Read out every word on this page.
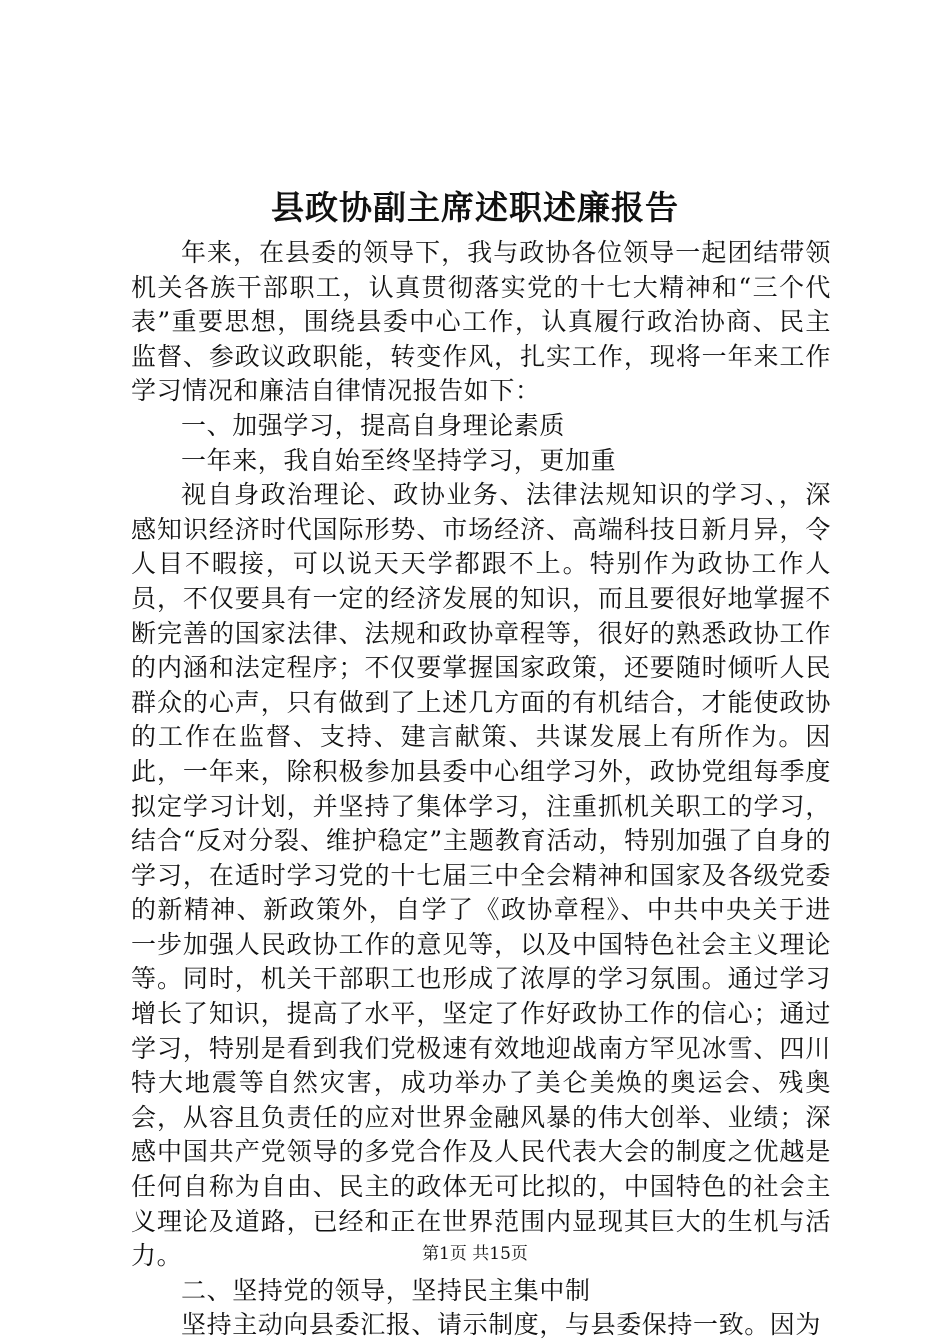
县政协副主席述职述廉报告

年来，在县委的领导下，我与政协各位领导一起团结带领机关各族干部职工，认真贯彻落实党的十七大精神和“三个代表”重要思想，围绕县委中心工作，认真履行政治协商、民主监督、参政议政职能，转变作风，扎实工作，现将一年来工作学习情况和廉洁自律情况报告如下：

一、加强学习，提高自身理论素质

一年来，我自始至终坚持学习，更加重

视自身政治理论、政协业务、法律法规知识的学习、，深感知识经济时代国际形势、市场经济、高端科技日新月异，令人目不暇接，可以说天天学都跟不上。特别作为政协工作人员，不仅要具有一定的经济发展的知识，而且要很好地掌握不断完善的国家法律、法规和政协章程等，很好的熟悉政协工作的内涵和法定程序；不仅要掌握国家政策，还要随时倾听人民群众的心声，只有做到了上述几方面的有机结合，才能使政协的工作在监督、支持、建言献策、共谋发展上有所作为。因此，一年来，除积极参加县委中心组学习外，政协党组每季度拟定学习计划，并坚持了集体学习，注重抓机关职工的学习，结合“反对分裂、维护稳定”主题教育活动，特别加强了自身的学习，在适时学习党的十七届三中全会精神和国家及各级党委的新精神、新政策外，自学了《政协章程》、中共中央关于进一步加强人民政协工作的意见等，以及中国特色社会主义理论等。同时，机关干部职工也形成了浓厚的学习氛围。通过学习增长了知识，提高了水平，坚定了作好政协工作的信心；通过学习，特别是看到我们党极速有效地迎战南方罕见冰雪、四川特大地震等自然灾害，成功举办了美仑美焕的奥运会、残奥会，从容且负责任的应对世界金融风暴的伟大创举、业绩；深感中国共产党领导的多党合作及人民代表大会的制度之优越是任何自称为自由、民主的政体无可比拟的，中国特色的社会主义理论及道路，已经和正在世界范围内显现其巨大的生机与活力。

二、坚持党的领导，坚持民主集中制

坚持主动向县委汇报、请示制度，与县委保持一致。因为

第1页 共15页
